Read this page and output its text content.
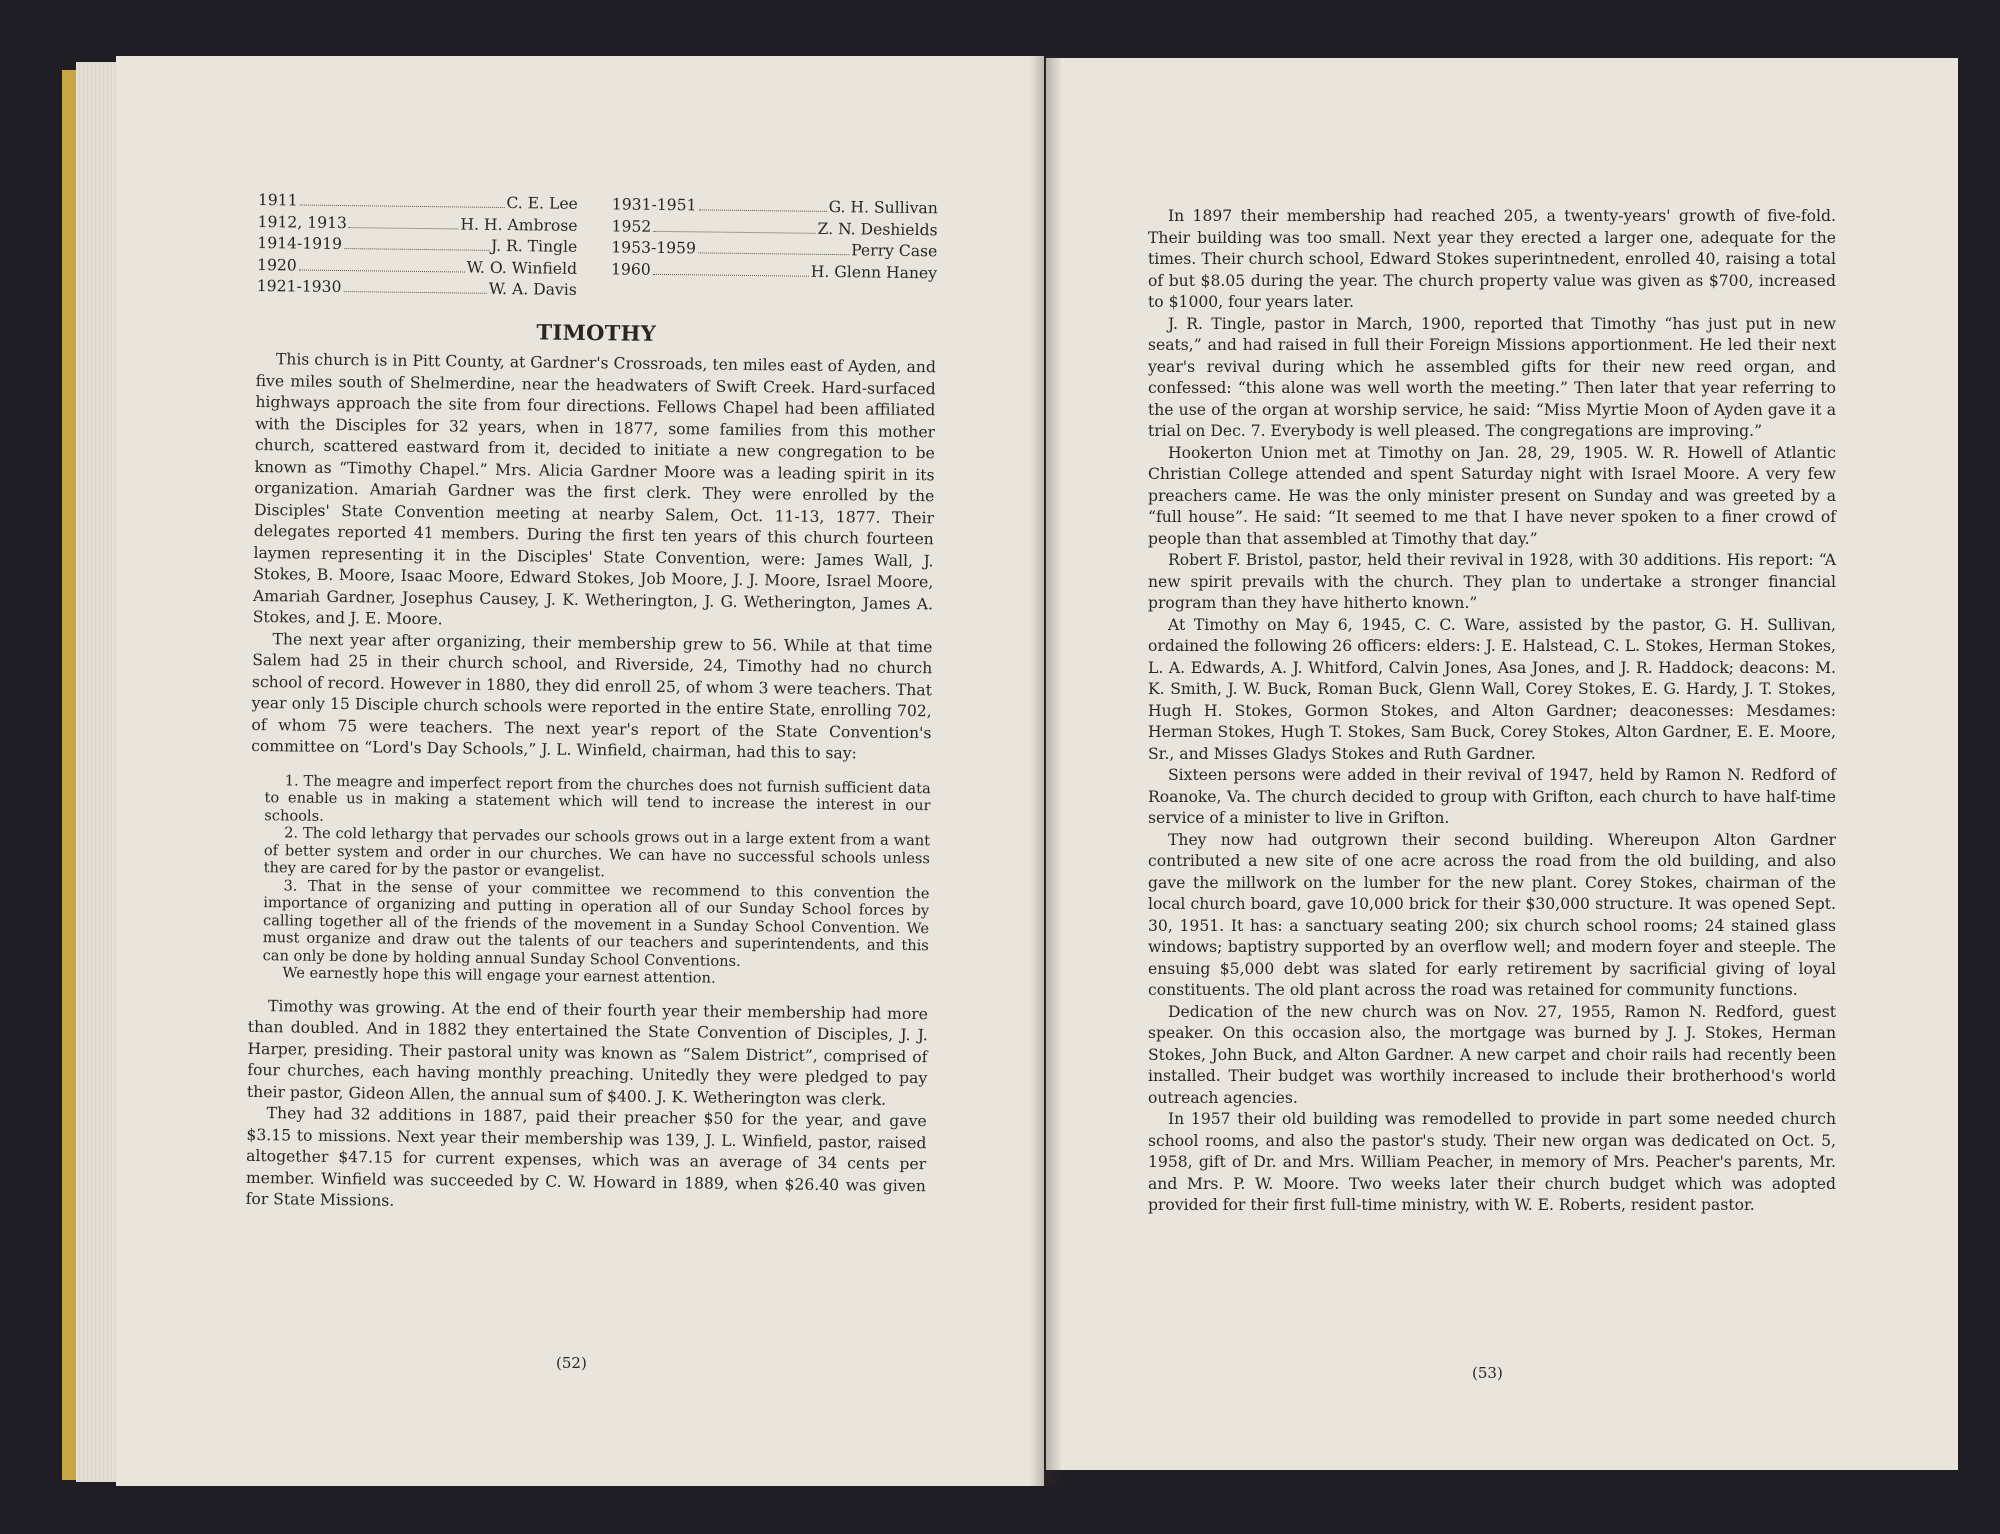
1911	C. E. Lee
1912, 1913	H. H. Ambrose
1914-1919	J. R. Tingle
1920	W. O. Winfield
1921-1930	W. A. Davis
1931-1951	G. H. Sullivan
1952	Z. N. Deshields
1953-1959	Perry Case
1960	H. Glenn Haney
TIMOTHY

This church is in Pitt County, at Gardner's Crossroads, ten miles east of Ayden, and five miles south of Shelmerdine, near the headwaters of Swift Creek. Hard-surfaced highways approach the site from four directions. Fellows Chapel had been affiliated with the Disciples for 32 years, when in 1877, some families from this mother church, scattered eastward from it, decided to initiate a new congregation to be known as “Timothy Chapel.” Mrs. Alicia Gardner Moore was a leading spirit in its organization. Amariah Gardner was the first clerk. They were enrolled by the Disciples' State Convention meeting at nearby Salem, Oct. 11-13, 1877. Their delegates reported 41 members. During the first ten years of this church fourteen laymen representing it in the Disciples' State Convention, were: James Wall, J. Stokes, B. Moore, Isaac Moore, Edward Stokes, Job Moore, J. J. Moore, Israel Moore, Amariah Gardner, Josephus Causey, J. K. Wetherington, J. G. Wetherington, James A. Stokes, and J. E. Moore.

The next year after organizing, their membership grew to 56. While at that time Salem had 25 in their church school, and Riverside, 24, Timothy had no church school of record. However in 1880, they did enroll 25, of whom 3 were teachers. That year only 15 Disciple church schools were reported in the entire State, enrolling 702, of whom 75 were teachers. The next year's report of the State Convention's committee on “Lord's Day Schools,” J. L. Winfield, chairman, had this to say:

1. The meagre and imperfect report from the churches does not furnish sufficient data to enable us in making a statement which will tend to increase the interest in our schools.

2. The cold lethargy that pervades our schools grows out in a large extent from a want of better system and order in our churches. We can have no successful schools unless they are cared for by the pastor or evangelist.

3. That in the sense of your committee we recommend to this convention the importance of organizing and putting in operation all of our Sunday School forces by calling together all of the friends of the movement in a Sunday School Convention. We must organize and draw out the talents of our teachers and superintendents, and this can only be done by holding annual Sunday School Conventions.

We earnestly hope this will engage your earnest attention.

Timothy was growing. At the end of their fourth year their membership had more than doubled. And in 1882 they entertained the State Convention of Disciples, J. J. Harper, presiding. Their pastoral unity was known as “Salem District”, comprised of four churches, each having monthly preaching. Unitedly they were pledged to pay their pastor, Gideon Allen, the annual sum of $400. J. K. Wetherington was clerk.

They had 32 additions in 1887, paid their preacher $50 for the year, and gave $3.15 to missions. Next year their membership was 139, J. L. Winfield, pastor, raised altogether $47.15 for current expenses, which was an average of 34 cents per member. Winfield was succeeded by C. W. Howard in 1889, when $26.40 was given for State Missions.

(52)

In 1897 their membership had reached 205, a twenty-years' growth of five-fold. Their building was too small. Next year they erected a larger one, adequate for the times. Their church school, Edward Stokes superintnedent, enrolled 40, raising a total of but $8.05 during the year. The church property value was given as $700, increased to $1000, four years later.

J. R. Tingle, pastor in March, 1900, reported that Timothy “has just put in new seats,” and had raised in full their Foreign Missions apportionment. He led their next year's revival during which he assembled gifts for their new reed organ, and confessed: “this alone was well worth the meeting.” Then later that year referring to the use of the organ at worship service, he said: “Miss Myrtie Moon of Ayden gave it a trial on Dec. 7. Everybody is well pleased. The congregations are improving.”

Hookerton Union met at Timothy on Jan. 28, 29, 1905. W. R. Howell of Atlantic Christian College attended and spent Saturday night with Israel Moore. A very few preachers came. He was the only minister present on Sunday and was greeted by a “full house”. He said: “It seemed to me that I have never spoken to a finer crowd of people than that assembled at Timothy that day.”

Robert F. Bristol, pastor, held their revival in 1928, with 30 additions. His report: “A new spirit prevails with the church. They plan to undertake a stronger financial program than they have hitherto known.”

At Timothy on May 6, 1945, C. C. Ware, assisted by the pastor, G. H. Sullivan, ordained the following 26 officers: elders: J. E. Halstead, C. L. Stokes, Herman Stokes, L. A. Edwards, A. J. Whitford, Calvin Jones, Asa Jones, and J. R. Haddock; deacons: M. K. Smith, J. W. Buck, Roman Buck, Glenn Wall, Corey Stokes, E. G. Hardy, J. T. Stokes, Hugh H. Stokes, Gormon Stokes, and Alton Gardner; deaconesses: Mesdames: Herman Stokes, Hugh T. Stokes, Sam Buck, Corey Stokes, Alton Gardner, E. E. Moore, Sr., and Misses Gladys Stokes and Ruth Gardner.

Sixteen persons were added in their revival of 1947, held by Ramon N. Redford of Roanoke, Va. The church decided to group with Grifton, each church to have half-time service of a minister to live in Grifton.

They now had outgrown their second building. Whereupon Alton Gardner contributed a new site of one acre across the road from the old building, and also gave the millwork on the lumber for the new plant. Corey Stokes, chairman of the local church board, gave 10,000 brick for their $30,000 structure. It was opened Sept. 30, 1951. It has: a sanctuary seating 200; six church school rooms; 24 stained glass windows; baptistry supported by an overflow well; and modern foyer and steeple. The ensuing $5,000 debt was slated for early retirement by sacrificial giving of loyal constituents. The old plant across the road was retained for community functions.

Dedication of the new church was on Nov. 27, 1955, Ramon N. Redford, guest speaker. On this occasion also, the mortgage was burned by J. J. Stokes, Herman Stokes, John Buck, and Alton Gardner. A new carpet and choir rails had recently been installed. Their budget was worthily increased to include their brotherhood's world outreach agencies.

In 1957 their old building was remodelled to provide in part some needed church school rooms, and also the pastor's study. Their new organ was dedicated on Oct. 5, 1958, gift of Dr. and Mrs. William Peacher, in memory of Mrs. Peacher's parents, Mr. and Mrs. P. W. Moore. Two weeks later their church budget which was adopted provided for their first full-time ministry, with W. E. Roberts, resident pastor.

(53)
